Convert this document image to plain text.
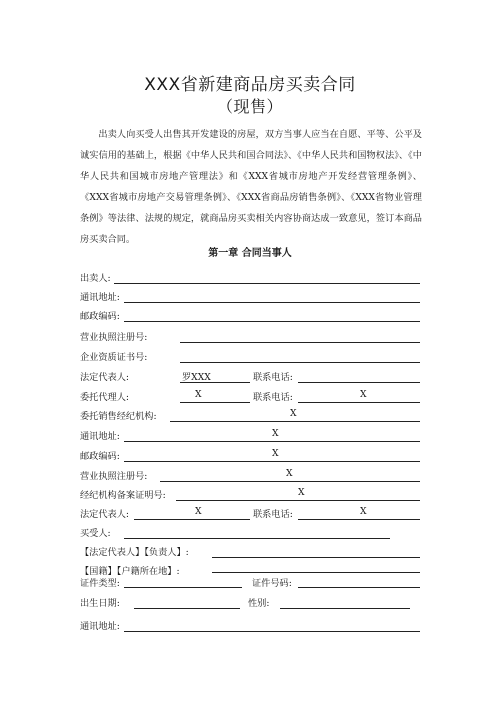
XXX省新建商品房买卖合同
（现售）
出卖人向买受人出售其开发建设的房屋，双方当事人应当在自愿、平等、公平及诚实信用的基础上，根据《中华人民共和国合同法》、《中华人民共和国物权法》、《中华人民共和国城市房地产管理法》和《XXX省城市房地产开发经营管理条例》、《XXX省城市房地产交易管理条例》、《XXX省商品房销售条例》、《XXX省物业管理条例》等法律、法规的规定，就商品房买卖相关内容协商达成一致意见，签订本商品房买卖合同。
第一章 合同当事人
出卖人:
通讯地址:
邮政编码:
营业执照注册号:
企业资质证书号:
法定代表人:	罗XXX	联系电话:
委托代理人:	X	联系电话:	X
委托销售经纪机构:	X
通讯地址:	X
邮政编码:	X
营业执照注册号:	X
经纪机构备案证明号:	X
法定代表人:	X	联系电话:	X
买受人:
【法定代表人】【负责人】:
【国籍】【户籍所在地】:
证件类型:	证件号码:
出生日期:	性别:
通讯地址:
